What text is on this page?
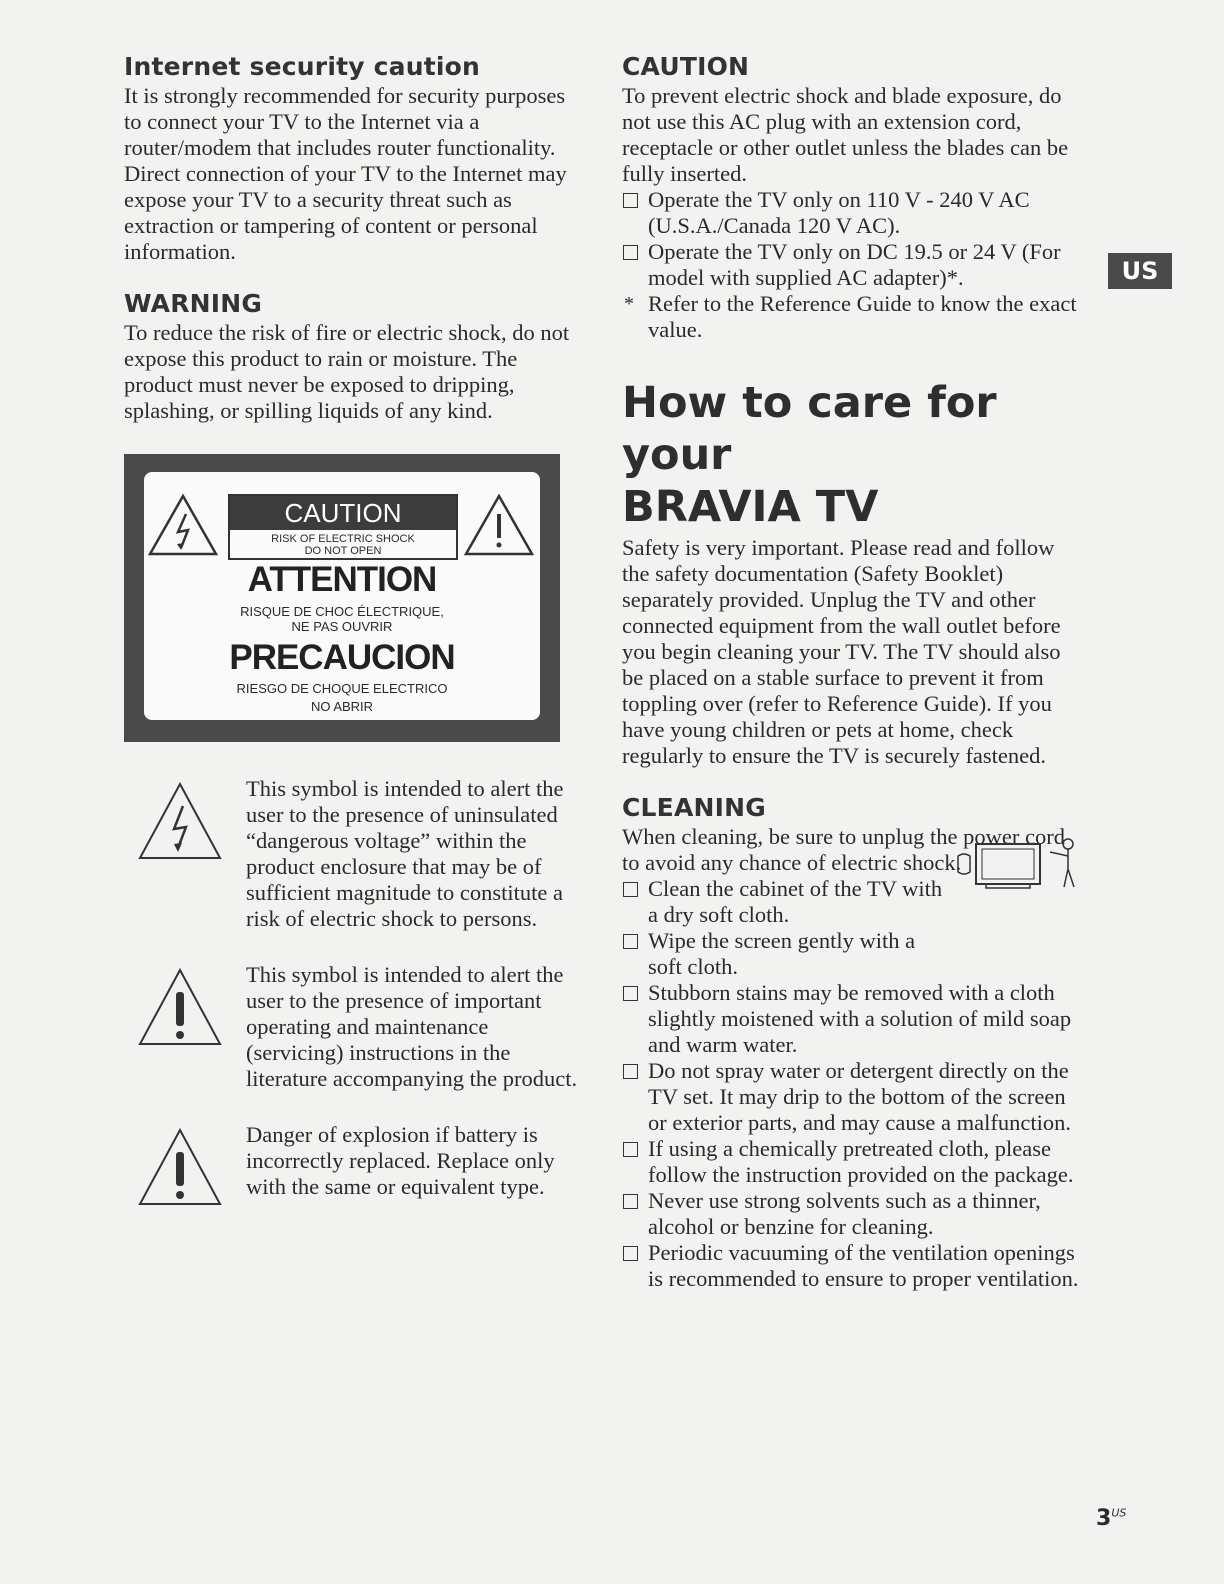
Internet security caution

It is strongly recommended for security purposes to connect your TV to the Internet via a router/modem that includes router functionality. Direct connection of your TV to the Internet may expose your TV to a security threat such as extraction or tampering of content or personal information.

WARNING

To reduce the risk of fire or electric shock, do not expose this product to rain or moisture. The product must never be exposed to dripping, splashing, or spilling liquids of any kind.

CAUTION
RISK OF ELECTRIC SHOCK DO NOT OPEN
ATTENTION
RISQUE DE CHOC ÉLECTRIQUE, NE PAS OUVRIR
PRECAUCION
RIESGO DE CHOQUE ELECTRICO
NO ABRIR

This symbol is intended to alert the user to the presence of uninsulated “dangerous voltage” within the product enclosure that may be of sufficient magnitude to constitute a risk of electric shock to persons.

This symbol is intended to alert the user to the presence of important operating and maintenance (servicing) instructions in the literature accompanying the product.

Danger of explosion if battery is incorrectly replaced. Replace only with the same or equivalent type.

CAUTION

To prevent electric shock and blade exposure, do not use this AC plug with an extension cord, receptacle or other outlet unless the blades can be fully inserted.

Operate the TV only on 110 V - 240 V AC (U.S.A./Canada 120 V AC).
Operate the TV only on DC 19.5 or 24 V (For model with supplied AC adapter)*.
* Refer to the Reference Guide to know the exact value.
How to care for your
BRAVIA TV

Safety is very important. Please read and follow the safety documentation (Safety Booklet) separately provided. Unplug the TV and other connected equipment from the wall outlet before you begin cleaning your TV. The TV should also be placed on a stable surface to prevent it from toppling over (refer to Reference Guide). If you have young children or pets at home, check regularly to ensure the TV is securely fastened.

CLEANING

When cleaning, be sure to unplug the power cord to avoid any chance of electric shock.

Clean the cabinet of the TV with a dry soft cloth.
Wipe the screen gently with a soft cloth.
Stubborn stains may be removed with a cloth slightly moistened with a solution of mild soap and warm water.
Do not spray water or detergent directly on the TV set. It may drip to the bottom of the screen or exterior parts, and may cause a malfunction.
If using a chemically pretreated cloth, please follow the instruction provided on the package.
Never use strong solvents such as a thinner, alcohol or benzine for cleaning.
Periodic vacuuming of the ventilation openings is recommended to ensure to proper ventilation.
US
$3^{US}$
